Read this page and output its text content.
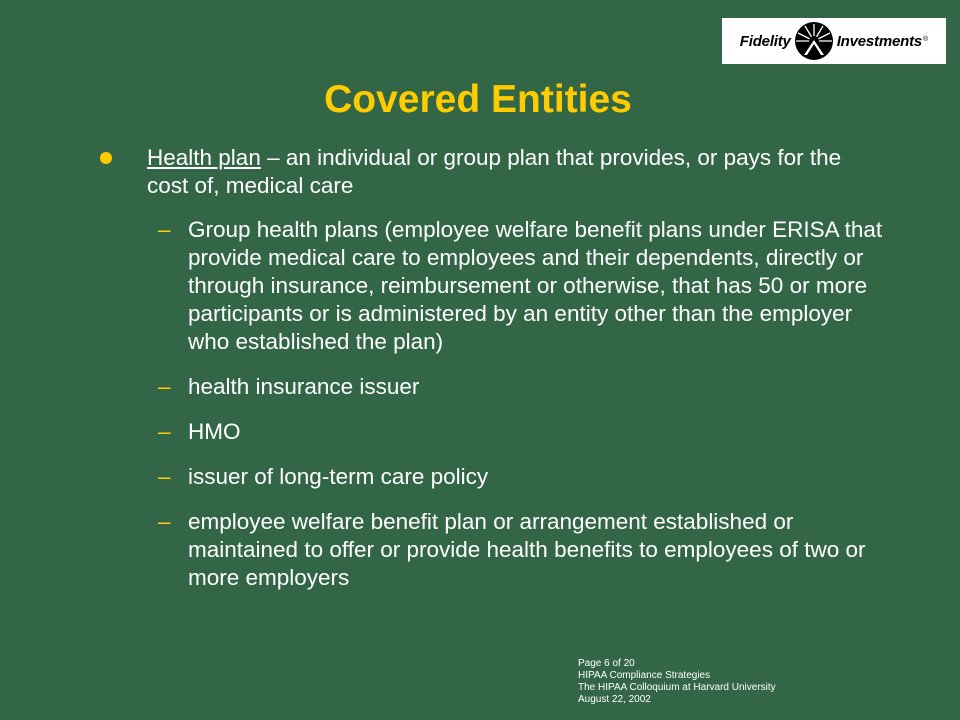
Fidelity	Investments ®
Covered Entities
Health plan – an individual or group plan that provides, or pays for the cost of, medical care
– Group health plans (employee welfare benefit plans under ERISA that provide medical care to employees and their dependents, directly or through insurance, reimbursement or otherwise, that has 50 or more participants or is administered by an entity other than the employer who established the plan)
– health insurance issuer
– HMO
– issuer of long-term care policy
– employee welfare benefit plan or arrangement established or maintained to offer or provide health benefits to employees of two or more employers
Page 6 of 20
HIPAA Compliance Strategies
The HIPAA Colloquium at Harvard University
August 22, 2002
